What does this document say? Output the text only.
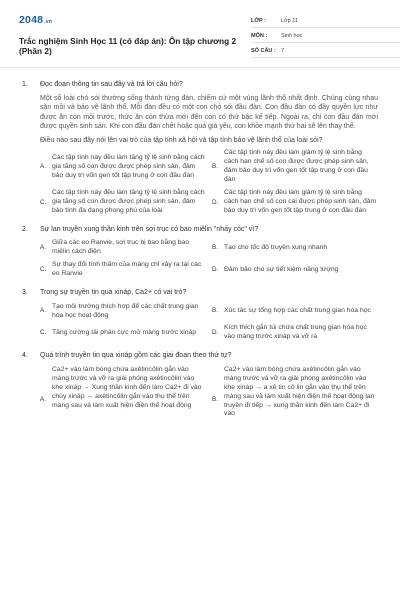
2048.vn
Trắc nghiệm Sinh Học 11 (có đáp án): Ôn tập chương 2 (Phần 2)
LỚP :	Lớp 11
MÔN :	Sinh học
SỐ CÂU : 7
1.	Đọc đoạn thông tin sau đây và trả lời câu hỏi?

Một số loài chó sói thường sống thành từng đàn, chiếm cứ một vùng lãnh thổ nhất định. Chúng cùng nhau săn mồi và bảo vệ lãnh thổ. Mỗi đàn đều có một con chó sói đầu đàn. Con đầu đàn có đầy quyền lực như được ăn con mồi trước, thức ăn còn thừa mới đến con có thứ bậc kế tiếp. Ngoài ra, chỉ con đầu đàn mới được quyền sinh sản. Khi con đầu đàn chết hoặc quá già yếu, con khỏe mạnh thứ hai sẽ lên thay thế.

Điều nào sau đây nói lên vai trò của tập tính xã hội và tập tính bảo vệ lãnh thổ của loài sói?

A.
Các tập tính này đều làm tăng tỷ lệ sinh bằng cách gia tăng số con được được phép sinh sản, đảm bảo duy trì vốn gen tốt tập trung ở con đầu đàn
B.
Các tập tính này đều làm giảm tỷ lệ sinh bằng cách hạn chế số con được được phép sinh sản, đảm bảo duy trì vốn gen tốt tập trung ở con đầu đàn
C.
Các tập tính này đều làm tăng tỷ lệ sinh bằng cách gia tăng số con được được phép sinh sản, đảm bảo tính đa dạng phong phú của loài
D.
Các tập tính này đều làm giảm tỷ lệ sinh bằng cách hạn chế số con cái được phép sinh sản, đảm bảo duy trì vốn gen tốt tập trung ở con đầu đàn
2.	Sự lan truyền xung thần kinh trên sợi trục có bao miêlin "nhảy cóc" vì?
A.
Giữa các eo Ranvie, sợi trục bị bao bằng bao miêlin cách điện
B. Tạo cho tốc độ truyền xung nhanh
C.
Sự thay đổi tính thấm của màng chỉ xảy ra tại các eo Ranvie
D. Đảm bảo cho sự tiết kiệm năng lượng
3.	Trong sự truyền tin qua xináp, Ca2+ có vai trò?
A.
Tạo môi trường thích hợp để các chất trung gian hóa học hoạt động
B. Xúc tác sự tổng hợp các chất trung gian hóa học
C. Tăng cường tái phân cực mở màng trước xináp	D.
Kích thích gắn túi chứa chất trung gian hóa học vào màng trước xináp và vỡ ra
4.	Quá trình truyền tin qua xináp gồm các giai đoạn theo thứ tự?
A.
Ca2+ vào làm bóng chứa axêtincôlin gắn vào màng trước và vỡ ra giải phóng axêtincôlin vào khe xináp → Xung thần kinh đến làm Ca2+ đi vào chùy xináp → axêtincôlin gắn vào thụ thể trên màng sau và làm xuất hiện điện thế hoạt động
B.
Ca2+ vào làm bóng chứa axêtincôlin gắn vào màng trước và vỡ ra giải phóng axêtincôlin vào khe xináp → a xê tin cô lin gắn vào thụ thể trên màng sau và làm xuất hiện điện thế hoạt động lan truyền đi tiếp → xung thần kinh đến làm Ca2+ đi vào
